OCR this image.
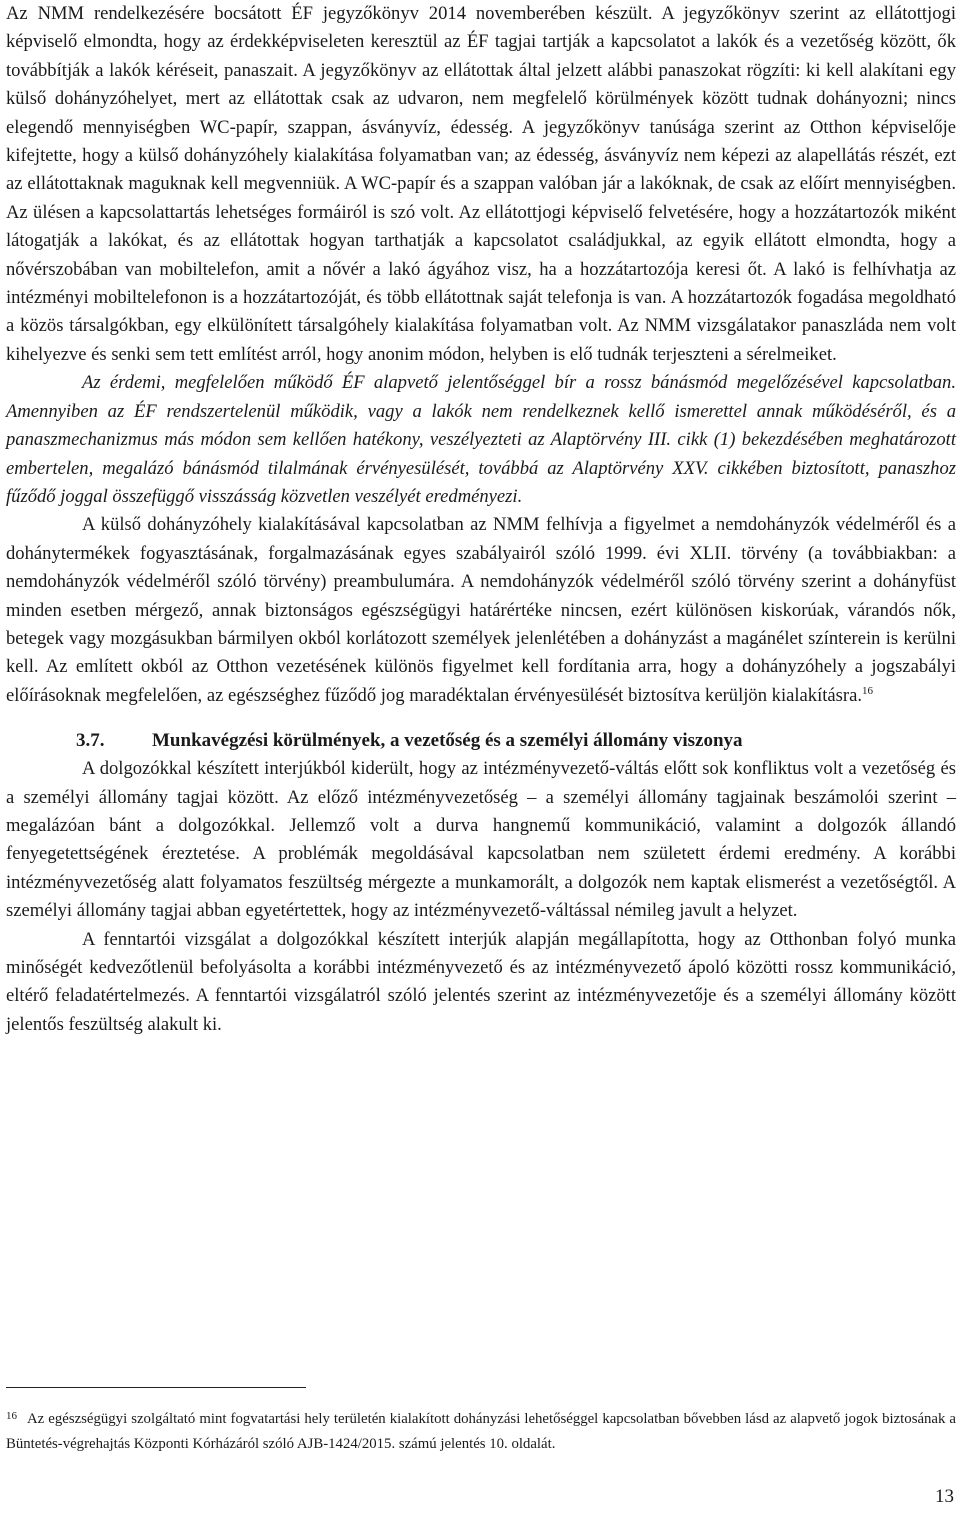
Az NMM rendelkezésére bocsátott ÉF jegyzőkönyv 2014 novemberében készült. A jegyzőkönyv szerint az ellátottjogi képviselő elmondta, hogy az érdekképviseleten keresztül az ÉF tagjai tartják a kapcsolatot a lakók és a vezetőség között, ők továbbítják a lakók kéréseit, panaszait. A jegyzőkönyv az ellátottak által jelzett alábbi panaszokat rögzíti: ki kell alakítani egy külső dohányzóhelyet, mert az ellátottak csak az udvaron, nem megfelelő körülmények között tudnak dohányozni; nincs elegendő mennyiségben WC-papír, szappan, ásványvíz, édesség. A jegyzőkönyv tanúsága szerint az Otthon képviselője kifejtette, hogy a külső dohányzóhely kialakítása folyamatban van; az édesség, ásványvíz nem képezi az alapellátás részét, ezt az ellátottaknak maguknak kell megvenniük. A WC-papír és a szappan valóban jár a lakóknak, de csak az előírt mennyiségben. Az ülésen a kapcsolattartás lehetséges formáiról is szó volt. Az ellátottjogi képviselő felvetésére, hogy a hozzátartozók miként látogatják a lakókat, és az ellátottak hogyan tarthatják a kapcsolatot családjukkal, az egyik ellátott elmondta, hogy a nővérszobában van mobiltelefon, amit a nővér a lakó ágyához visz, ha a hozzátartozója keresi őt. A lakó is felhívhatja az intézményi mobiltelefonon is a hozzátartozóját, és több ellátottnak saját telefonja is van. A hozzátartozók fogadása megoldható a közös társalgókban, egy elkülönített társalgóhely kialakítása folyamatban volt. Az NMM vizsgálatakor panaszláda nem volt kihelyezve és senki sem tett említést arról, hogy anonim módon, helyben is elő tudnák terjeszteni a sérelmeiket.

Az érdemi, megfelelően működő ÉF alapvető jelentőséggel bír a rossz bánásmód megelőzésével kapcsolatban. Amennyiben az ÉF rendszertelenül működik, vagy a lakók nem rendelkeznek kellő ismerettel annak működéséről, és a panaszmechanizmus más módon sem kellően hatékony, veszélyezteti az Alaptörvény III. cikk (1) bekezdésében meghatározott embertelen, megalázó bánásmód tilalmának érvényesülését, továbbá az Alaptörvény XXV. cikkében biztosított, panaszhoz fűződő joggal összefüggő visszásság közvetlen veszélyét eredményezi.

A külső dohányzóhely kialakításával kapcsolatban az NMM felhívja a figyelmet a nemdohányzók védelméről és a dohánytermékek fogyasztásának, forgalmazásának egyes szabályairól szóló 1999. évi XLII. törvény (a továbbiakban: a nemdohányzók védelméről szóló törvény) preambulumára. A nemdohányzók védelméről szóló törvény szerint a dohányfüst minden esetben mérgező, annak biztonságos egészségügyi határértéke nincsen, ezért különösen kiskorúak, várandós nők, betegek vagy mozgásukban bármilyen okból korlátozott személyek jelenlétében a dohányzást a magánélet színterein is kerülni kell. Az említett okból az Otthon vezetésének különös figyelmet kell fordítania arra, hogy a dohányzóhely a jogszabályi előírásoknak megfelelően, az egészséghez fűződő jog maradéktalan érvényesülését biztosítva kerüljön kialakításra.$^{16}$

3.7.	Munkavégzési körülmények, a vezetőség és a személyi állomány viszonya

A dolgozókkal készített interjúkból kiderült, hogy az intézményvezető-váltás előtt sok konfliktus volt a vezetőség és a személyi állomány tagjai között. Az előző intézményvezetőség – a személyi állomány tagjainak beszámolói szerint – megalázóan bánt a dolgozókkal. Jellemző volt a durva hangnemű kommunikáció, valamint a dolgozók állandó fenyegetettségének éreztetése. A problémák megoldásával kapcsolatban nem született érdemi eredmény. A korábbi intézményvezetőség alatt folyamatos feszültség mérgezte a munkamorált, a dolgozók nem kaptak elismerést a vezetőségtől. A személyi állomány tagjai abban egyetértettek, hogy az intézményvezető-váltással némileg javult a helyzet.

A fenntartói vizsgálat a dolgozókkal készített interjúk alapján megállapította, hogy az Otthonban folyó munka minőségét kedvezőtlenül befolyásolta a korábbi intézményvezető és az intézményvezető ápoló közötti rossz kommunikáció, eltérő feladatértelmezés. A fenntartói vizsgálatról szóló jelentés szerint az intézményvezetője és a személyi állomány között jelentős feszültség alakult ki.

$^{16}$ Az egészségügyi szolgáltató mint fogvatartási hely területén kialakított dohányzási lehetőséggel kapcsolatban bővebben lásd az alapvető jogok biztosának a Büntetés-végrehajtás Központi Kórházáról szóló AJB-1424/2015. számú jelentés 10. oldalát.

13
